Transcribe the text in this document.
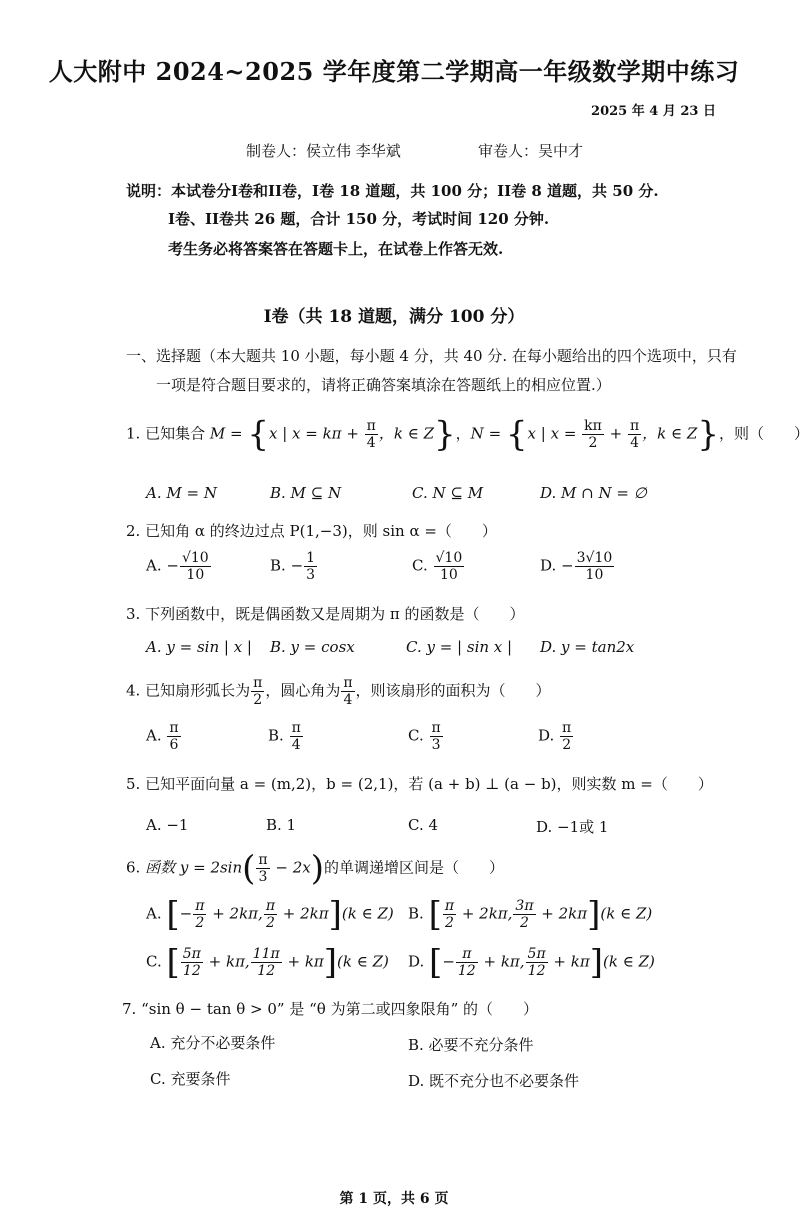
人大附中 2024~2025 学年度第二学期高一年级数学期中练习
2025 年 4 月 23 日
制卷人：侯立伟 李华斌	审卷人：吴中才
说明：本试卷分I卷和II卷，I卷 18 道题，共 100 分；II卷 8 道题，共 50 分.
I卷、II卷共 26 题，合计 150 分，考试时间 120 分钟.
考生务必将答案答在答题卡上，在试卷上作答无效.
I卷（共 18 道题，满分 100 分）
一、选择题（本大题共 10 小题，每小题 4 分，共 40 分. 在每小题给出的四个选项中，只有
一项是符合题目要求的，请将正确答案填涂在答题纸上的相应位置.）
1. 已知集合 M = {x | $x = k\pi + \frac{\pi}{4}$ ，k ∈ Z}，N = {x | $x = \frac{k\pi}{2} + \frac{\pi}{4}$ ，k ∈ Z}，则（　　）
A. M = N	B. M ⊆ N	C. N ⊆ M	D. M ∩ N = ∅
2. 已知角 α 的终边过点 P(1,−3)，则 sin α =（　　）
A. − $\frac{√10}{10}$	B. − $\frac{1}{3}$	C. $\frac{√10}{10}$	D. − $\frac{3√10}{10}$
3. 下列函数中，既是偶函数又是周期为 π 的函数是（　　）
A. y = sin | x | B. y = cosx	C. y = | sin x | D. y = tan2x
4. 已知扇形弧长为 $\frac{\pi}{2}$ ，圆心角为 $\frac{\pi}{4}$ ，则该扇形的面积为（　　）
A. $\frac{\pi}{6}$	B. $\frac{\pi}{4}$	C. $\frac{\pi}{3}$	D. $\frac{\pi}{2}$
5. 已知平面向量 a = (m,2)，b = (2,1)，若 (a + b) ⊥ (a − b)，则实数 m =（　　）
A. −1	B. 1	C. 4	D. −1或 1
6. 函数 $y = 2\sin( \frac{\pi}{3} - 2x)$的单调递增区间是（　　）
A. [− $\frac{\pi}{2} + 2k\pi$, $\frac{\pi}{2} + 2k\pi](k$ ∈ Z) B. [ $\frac{\pi}{2} + 2k\pi$, $\frac{3\pi}{2} + 2k\pi](k$ ∈ Z)
C. [ $\frac{5\pi}{12} + k\pi$, $\frac{11\pi}{12} + k\pi](k$ ∈ Z) D. [− $\frac{\pi}{12} + k\pi$, $\frac{5\pi}{12} + k\pi](k$ ∈ Z)
7. “sin θ − tan θ > 0” 是 “θ 为第二或四象限角” 的（　　）
A. 充分不必要条件	B. 必要不充分条件
C. 充要条件	D. 既不充分也不必要条件
第 1 页，共 6 页
